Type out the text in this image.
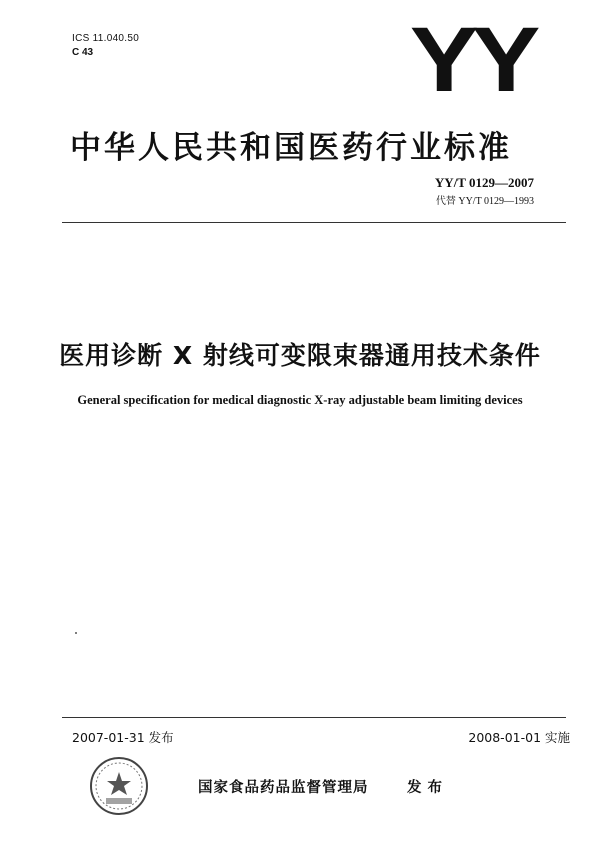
ICS 11.040.50
C 43	YY
中华人民共和国医药行业标准
YY/T 0129—2007
代替 YY/T 0129—1993
医用诊断 X 射线可变限束器通用技术条件
General specification for medical diagnostic X-ray adjustable beam limiting devices
2007-01-31 发布	2008-01-01 实施
国家食品药品监督管理局	发布
